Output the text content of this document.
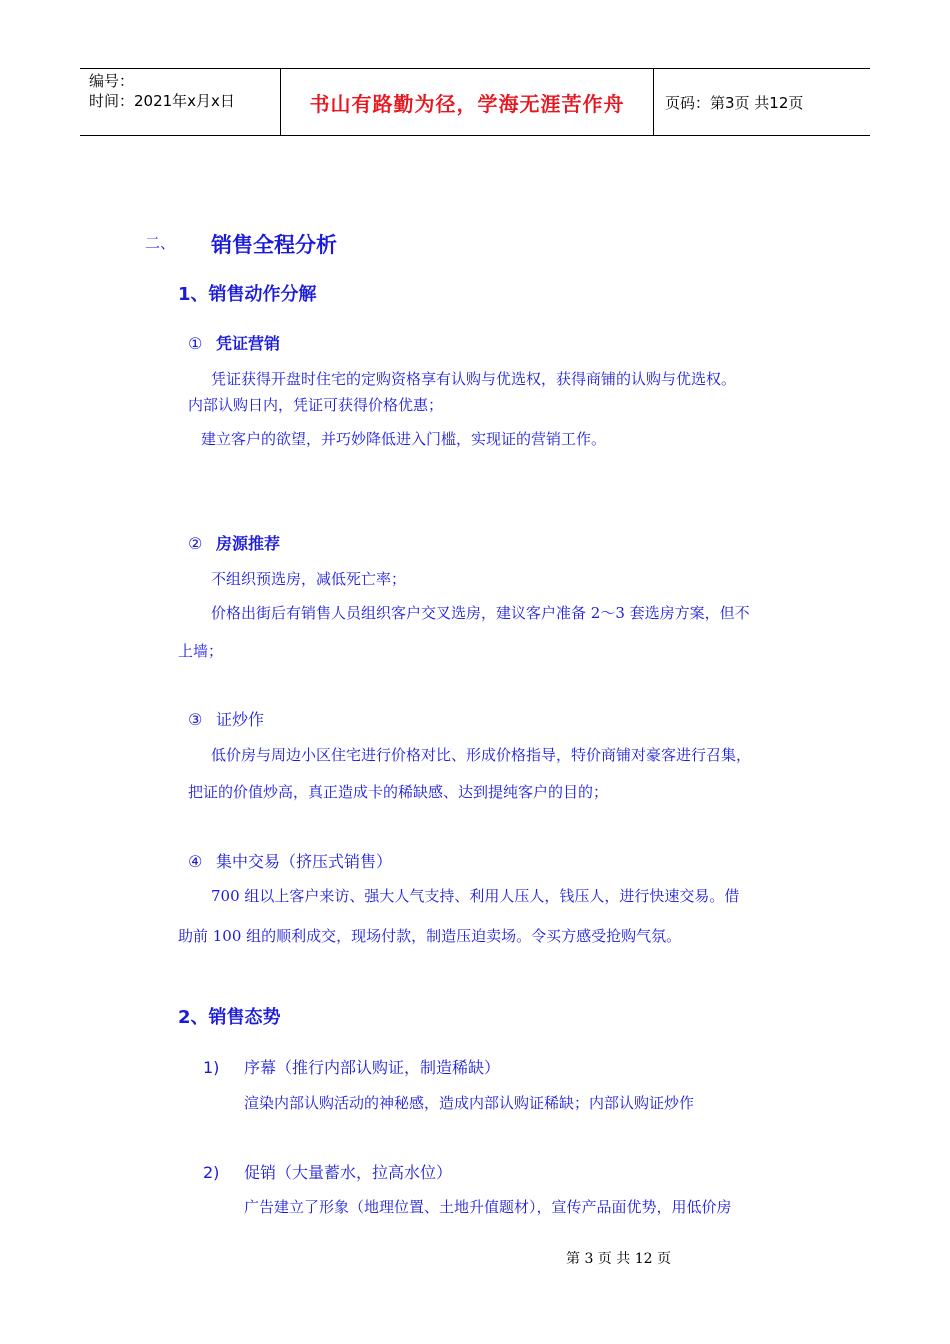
编号：
时间：2021年x月x日	书山有路勤为径，学海无涯苦作舟	页码：第3页 共12页
二、 销售全程分析
1、销售动作分解
① 凭证营销
凭证获得开盘时住宅的定购资格享有认购与优选权，获得商铺的认购与优选权。
内部认购日内，凭证可获得价格优惠；
建立客户的欲望，并巧妙降低进入门槛，实现证的营销工作。
② 房源推荐
不组织预选房，减低死亡率；
价格出街后有销售人员组织客户交叉选房，建议客户准备 2～3 套选房方案，但不
上墙；
③ 证炒作
低价房与周边小区住宅进行价格对比、形成价格指导，特价商铺对豪客进行召集，
把证的价值炒高，真正造成卡的稀缺感、达到提纯客户的目的；
④ 集中交易（挤压式销售）
700 组以上客户来访、强大人气支持、利用人压人，钱压人，进行快速交易。借
助前 100 组的顺利成交，现场付款，制造压迫卖场。令买方感受抢购气氛。
2、销售态势
1) 序幕（推行内部认购证，制造稀缺）
渲染内部认购活动的神秘感，造成内部认购证稀缺；内部认购证炒作
2) 促销（大量蓄水，拉高水位）
广告建立了形象（地理位置、土地升值题材），宣传产品面优势，用低价房
第 3 页 共 12 页
